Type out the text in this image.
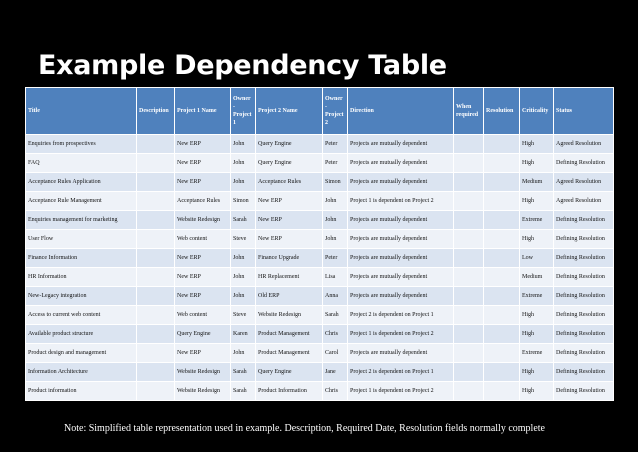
Example Dependency Table
Title	Description	Project 1 Name	Owner - Project 1	Project 2 Name	Owner - Project 2	Direction	When required	Resolution	Criticality	Status
Enquiries from prospectives		New ERP	John	Query Engine	Peter	Projects are mutually dependent			High	Agreed Resolution
FAQ		New ERP	John	Query Engine	Peter	Projects are mutually dependent			High	Defining Resolution
Acceptance Rules Application		New ERP	John	Acceptance Rules	Simon	Projects are mutually dependent			Medium	Agreed Resolution
Acceptance Rule Management		Acceptance Rules	Simon	New ERP	John	Project 1 is dependent on Project 2			High	Agreed Resolution
Enquiries management for marketing		Website Redesign	Sarah	New ERP	John	Projects are mutually dependent			Extreme	Defining Resolution
User Flow		Web content	Steve	New ERP	John	Projects are mutually dependent			High	Defining Resolution
Finance Information		New ERP	John	Finance Upgrade	Peter	Projects are mutually dependent			Low	Defining Resolution
HR Information		New ERP	John	HR Replacement	Lisa	Projects are mutually dependent			Medium	Defining Resolution
New-Legacy integration		New ERP	John	Old ERP	Anna	Projects are mutually dependent			Extreme	Defining Resolution
Access to current web content		Web content	Steve	Website Redesign	Sarah	Project 2 is dependent on Project 1			High	Defining Resolution
Available product structure		Query Engine	Karen	Product Management	Chris	Project 1 is dependent on Project 2			High	Defining Resolution
Product design and management		New ERP	John	Product Management	Carol	Projects are mutually dependent			Extreme	Defining Resolution
Information Architecture		Website Redesign	Sarah	Query Engine	Jane	Project 2 is dependent on Project 1			High	Defining Resolution
Product information		Website Redesign	Sarah	Product Information	Chris	Project 1 is dependent on Project 2			High	Defining Resolution
Note: Simplified table representation used in example. Description, Required Date, Resolution fields normally complete
